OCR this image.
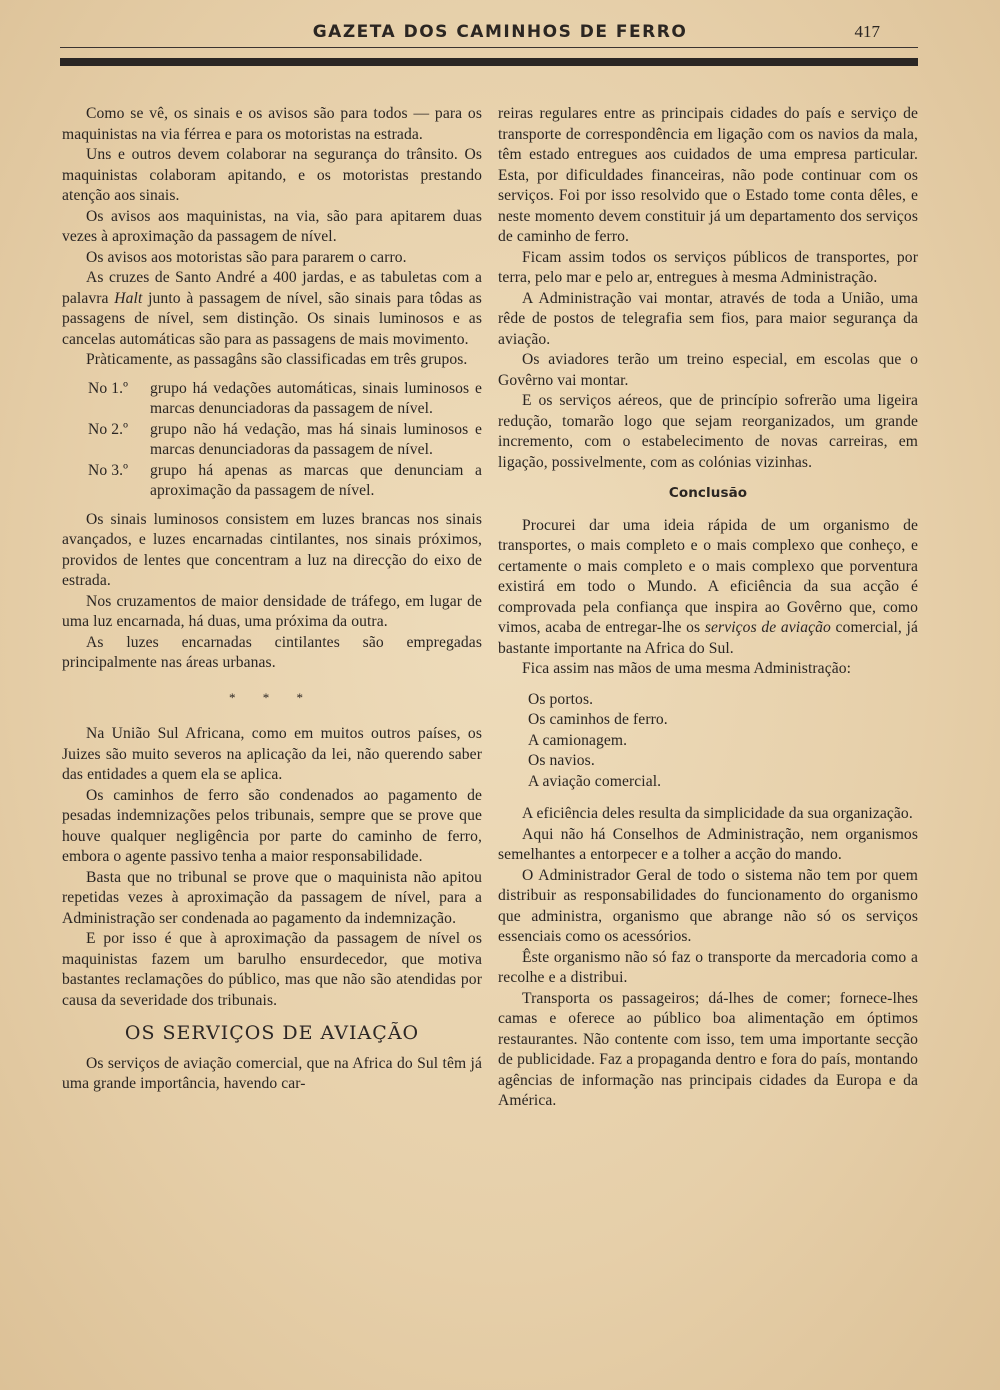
GAZETA DOS CAMINHOS DE FERRO	417

Como se vê, os sinais e os avisos são para todos — para os maquinistas na via férrea e para os motoristas na estrada.

Uns e outros devem colaborar na segurança do trânsito. Os maquinistas colaboram apitando, e os motoristas prestando atenção aos sinais.

Os avisos aos maquinistas, na via, são para apitarem duas vezes à aproximação da passagem de nível.

Os avisos aos motoristas são para pararem o carro.

As cruzes de Santo André a 400 jardas, e as tabuletas com a palavra Halt junto à passagem de nível, são sinais para tôdas as passagens de nível, sem distinção. Os sinais luminosos e as cancelas automáticas são para as passagens de mais movimento.

Pràticamente, as passagâns são classificadas em três grupos.

No 1.º	grupo há vedações automáticas, sinais luminosos e marcas denunciadoras da passagem de nível.
No 2.º	grupo não há vedação, mas há sinais luminosos e marcas denunciadoras da passagem de nível.
No 3.º	grupo há apenas as marcas que denunciam a aproximação da passagem de nível.

Os sinais luminosos consistem em luzes brancas nos sinais avançados, e luzes encarnadas cintilantes, nos sinais próximos, providos de lentes que concentram a luz na direcção do eixo de estrada.

Nos cruzamentos de maior densidade de tráfego, em lugar de uma luz encarnada, há duas, uma próxima da outra.

As luzes encarnadas cintilantes são empregadas principalmente nas áreas urbanas.

* * *

Na União Sul Africana, como em muitos outros países, os Juizes são muito severos na aplicação da lei, não querendo saber das entidades a quem ela se aplica.

Os caminhos de ferro são condenados ao pagamento de pesadas indemnizações pelos tribunais, sempre que se prove que houve qualquer negligência por parte do caminho de ferro, embora o agente passivo tenha a maior responsabilidade.

Basta que no tribunal se prove que o maquinista não apitou repetidas vezes à aproximação da passagem de nível, para a Administração ser condenada ao pagamento da indemnização.

E por isso é que à aproximação da passagem de nível os maquinistas fazem um barulho ensurdecedor, que motiva bastantes reclamações do público, mas que não são atendidas por causa da severidade dos tribunais.

OS SERVIÇOS DE AVIAÇÃO

Os serviços de aviação comercial, que na Africa do Sul têm já uma grande importância, havendo car-

reiras regulares entre as principais cidades do país e serviço de transporte de correspondência em ligação com os navios da mala, têm estado entregues aos cuidados de uma empresa particular. Esta, por dificuldades financeiras, não pode continuar com os serviços. Foi por isso resolvido que o Estado tome conta dêles, e neste momento devem constituir já um departamento dos serviços de caminho de ferro.

Ficam assim todos os serviços públicos de transportes, por terra, pelo mar e pelo ar, entregues à mesma Administração.

A Administração vai montar, através de toda a União, uma rêde de postos de telegrafia sem fios, para maior segurança da aviação.

Os aviadores terão um treino especial, em escolas que o Govêrno vai montar.

E os serviços aéreos, que de princípio sofrerão uma ligeira redução, tomarão logo que sejam reorganizados, um grande incremento, com o estabelecimento de novas carreiras, em ligação, possivelmente, com as colónias vizinhas.

Conclusão

Procurei dar uma ideia rápida de um organismo de transportes, o mais completo e o mais complexo que conheço, e certamente o mais completo e o mais complexo que porventura existirá em todo o Mundo. A eficiência da sua acção é comprovada pela confiança que inspira ao Govêrno que, como vimos, acaba de entregar-lhe os serviços de aviação comercial, já bastante importante na Africa do Sul.

Fica assim nas mãos de uma mesma Administração:

Os portos.
Os caminhos de ferro.
A camionagem.
Os navios.
A aviação comercial.

A eficiência deles resulta da simplicidade da sua organização.

Aqui não há Conselhos de Administração, nem organismos semelhantes a entorpecer e a tolher a acção do mando.

O Administrador Geral de todo o sistema não tem por quem distribuir as responsabilidades do funcionamento do organismo que administra, organismo que abrange não só os serviços essenciais como os acessórios.

Êste organismo não só faz o transporte da mercadoria como a recolhe e a distribui.

Transporta os passageiros; dá-lhes de comer; fornece-lhes camas e oferece ao público boa alimentação em óptimos restaurantes. Não contente com isso, tem uma importante secção de publicidade. Faz a propaganda dentro e fora do país, montando agências de informação nas principais cidades da Europa e da América.
